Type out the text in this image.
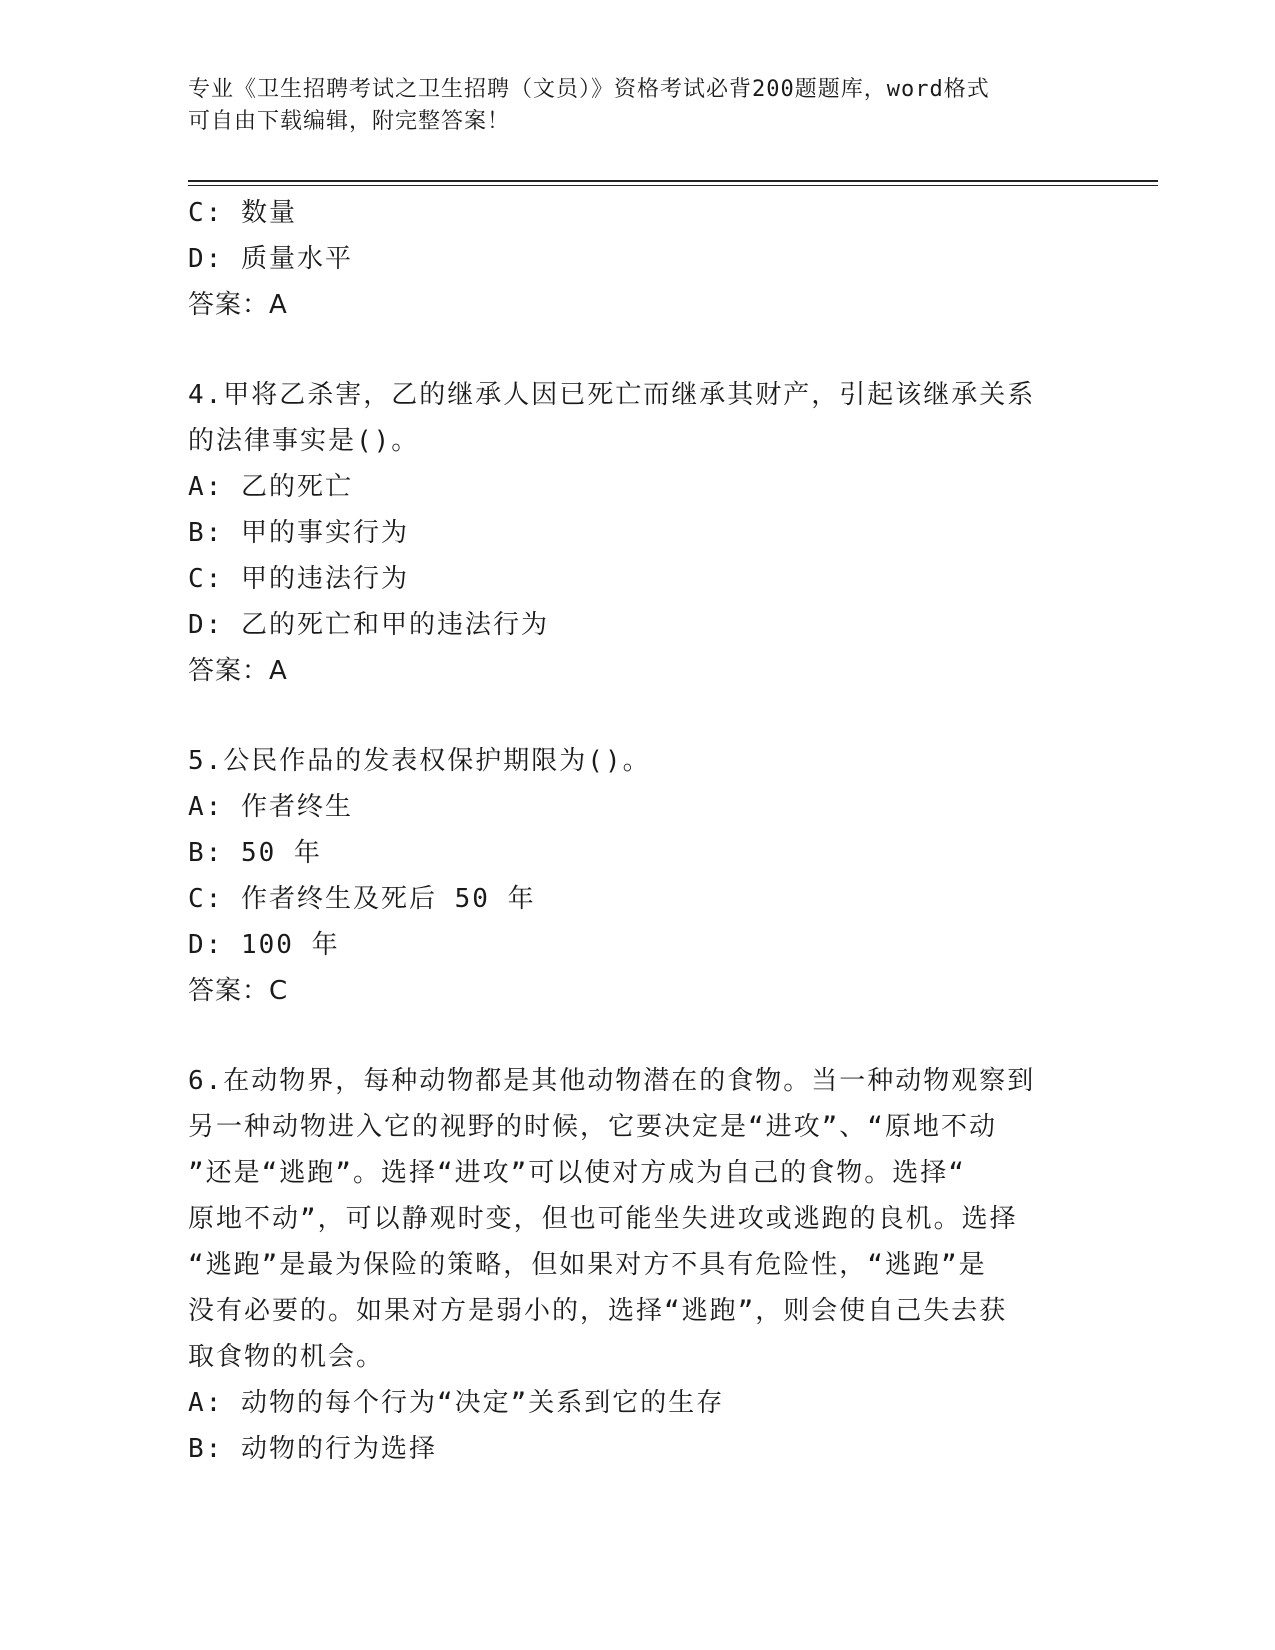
专业《卫生招聘考试之卫生招聘（文员）》资格考试必背200题题库，word格式
可自由下载编辑，附完整答案！
C: 数量
D: 质量水平
答案：A
4.甲将乙杀害，乙的继承人因已死亡而继承其财产，引起该继承关系
的法律事实是()。
A: 乙的死亡
B: 甲的事实行为
C: 甲的违法行为
D: 乙的死亡和甲的违法行为
答案：A
5.公民作品的发表权保护期限为()。
A: 作者终生
B: 50 年
C: 作者终生及死后 50 年
D: 100 年
答案：C
6.在动物界，每种动物都是其他动物潜在的食物。当一种动物观察到
另一种动物进入它的视野的时候，它要决定是“进攻”、“原地不动
”还是“逃跑”。选择“进攻”可以使对方成为自己的食物。选择“
原地不动”，可以静观时变，但也可能坐失进攻或逃跑的良机。选择
“逃跑”是最为保险的策略，但如果对方不具有危险性，“逃跑”是
没有必要的。如果对方是弱小的，选择“逃跑”，则会使自己失去获
取食物的机会。
A: 动物的每个行为“决定”关系到它的生存
B: 动物的行为选择
